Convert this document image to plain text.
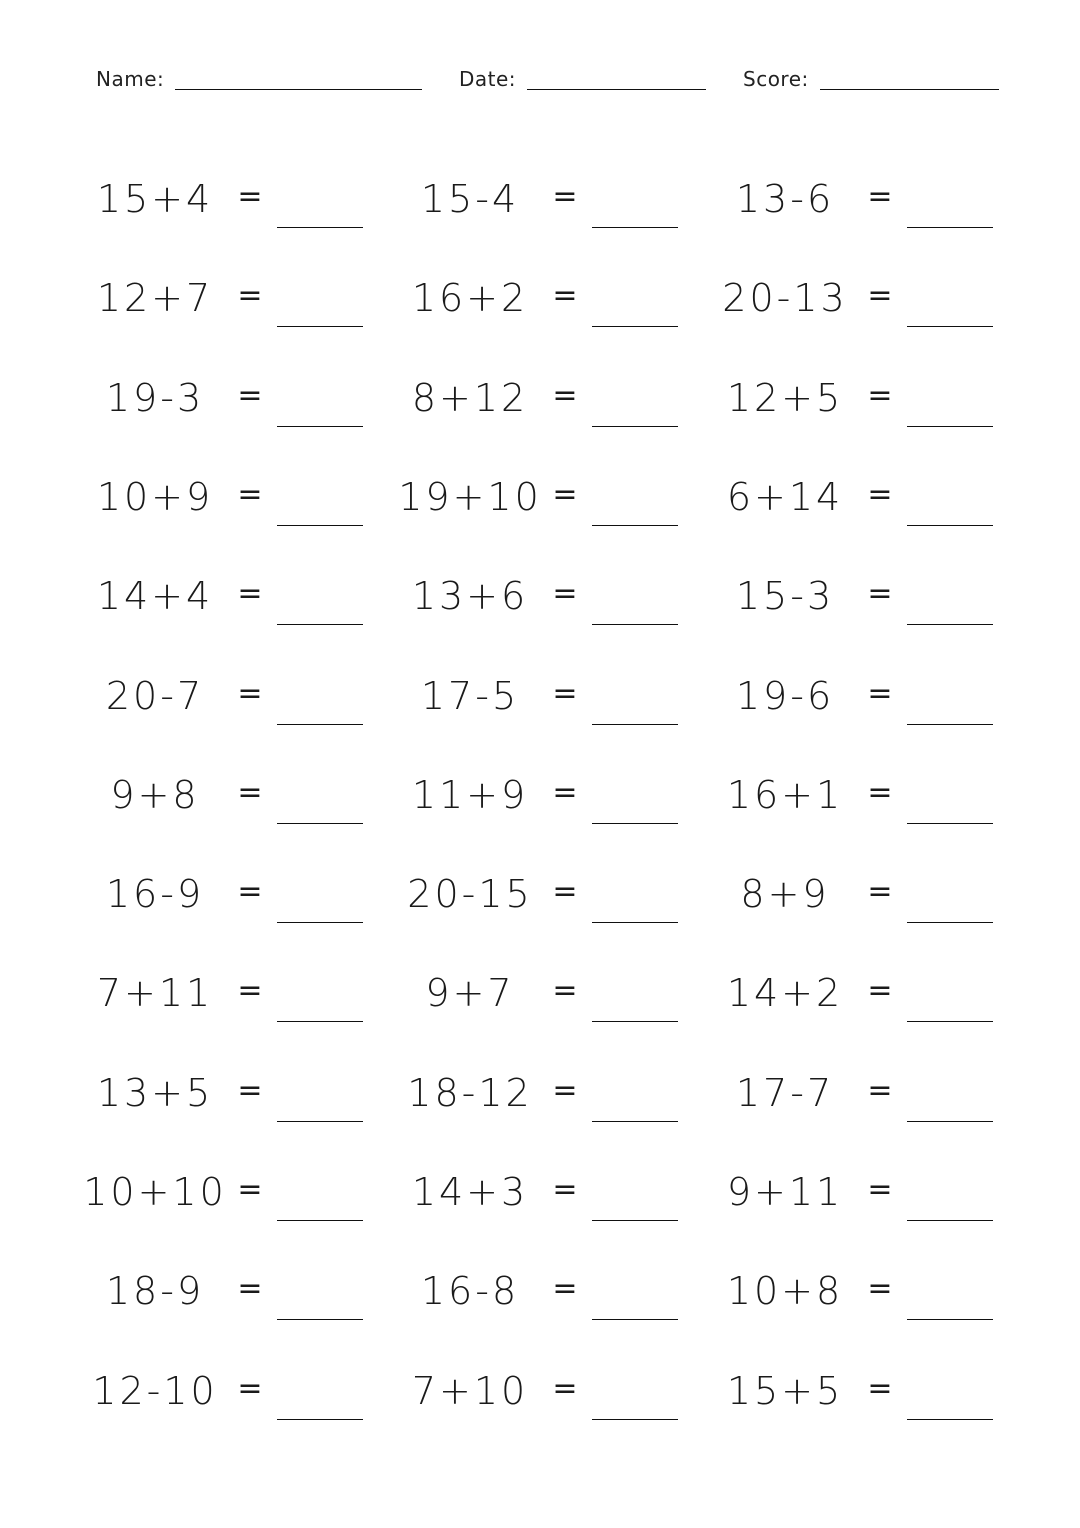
Name:	Date:	Score:
15+4 =	15-4	=	13-6	=
12+7 =	16+2 =	20-13 =
19-3	=	8+12 =	12+5 =
10+9 =	19+10 =	6+14 =
14+4 =	13+6 =	15-3	=
20-7	=	17-5	=	19-6	=
9+8	=	11+9 =	16+1 =
16-9	=	20-15 =	8+9	=
7+11 =	9+7	=	14+2 =
13+5 =	18-12 =	17-7	=
10+10 =	14+3 =	9+11 =
18-9	=	16-8	=	10+8 =
12-10 =	7+10 =	15+5 =
